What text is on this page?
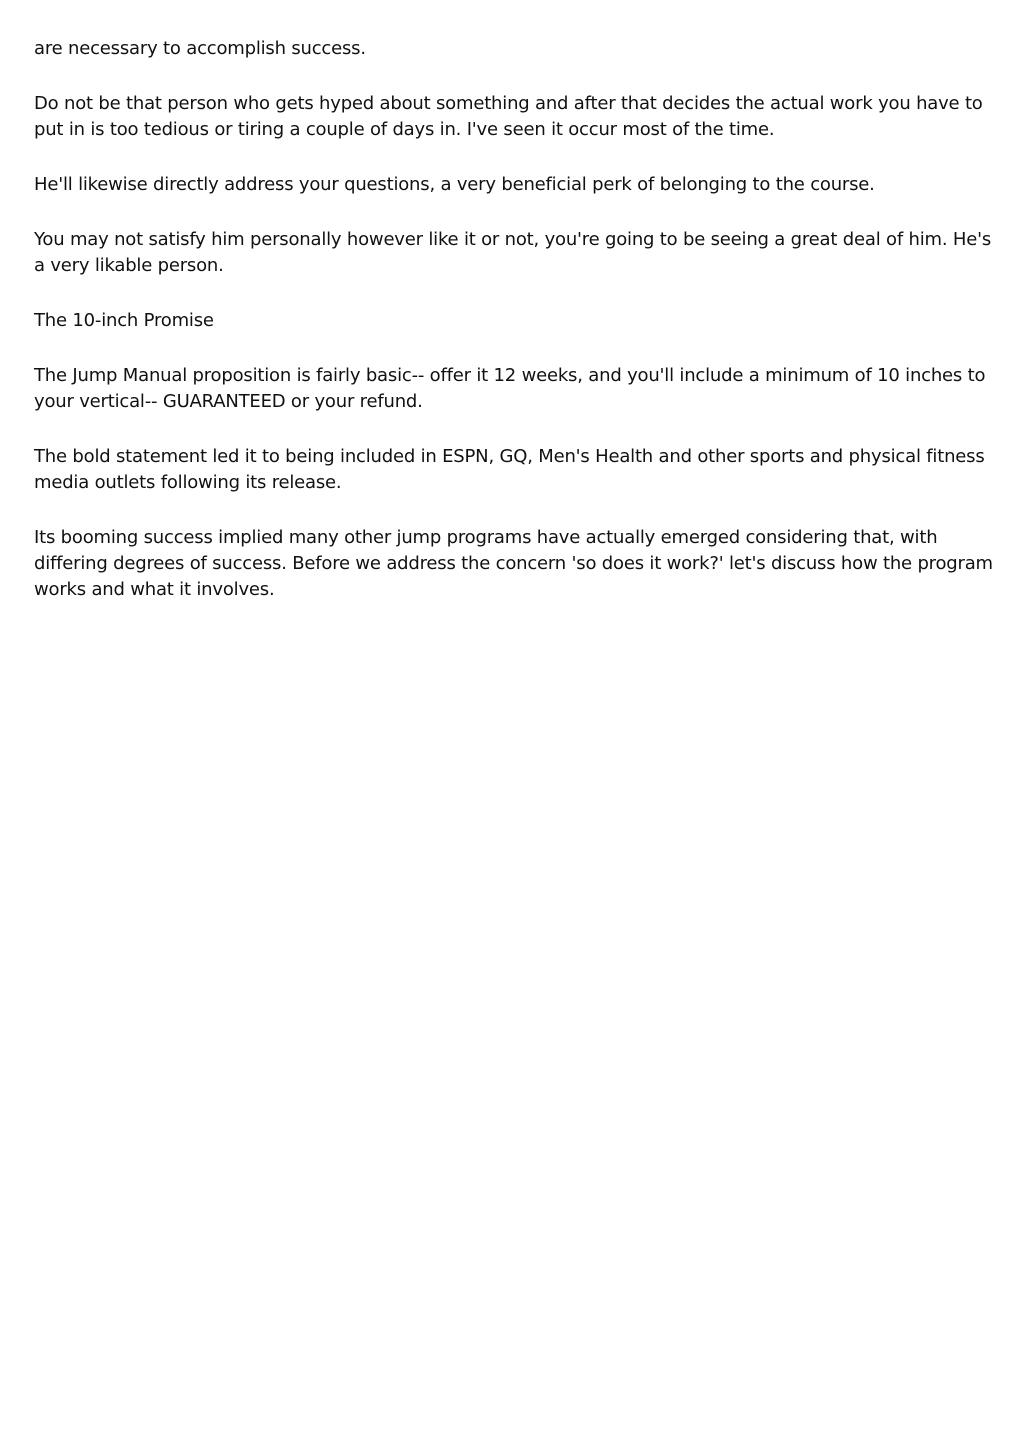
are necessary to accomplish success.

Do not be that person who gets hyped about something and after that decides the actual work you have to put in is too tedious or tiring a couple of days in. I've seen it occur most of the time.

He'll likewise directly address your questions, a very beneficial perk of belonging to the course.

You may not satisfy him personally however like it or not, you're going to be seeing a great deal of him. He's a very likable person.

The 10-inch Promise

The Jump Manual proposition is fairly basic-- offer it 12 weeks, and you'll include a minimum of 10 inches to your vertical-- GUARANTEED or your refund.

The bold statement led it to being included in ESPN, GQ, Men's Health and other sports and physical fitness media outlets following its release.

Its booming success implied many other jump programs have actually emerged considering that, with differing degrees of success. Before we address the concern 'so does it work?' let's discuss how the program works and what it involves.
